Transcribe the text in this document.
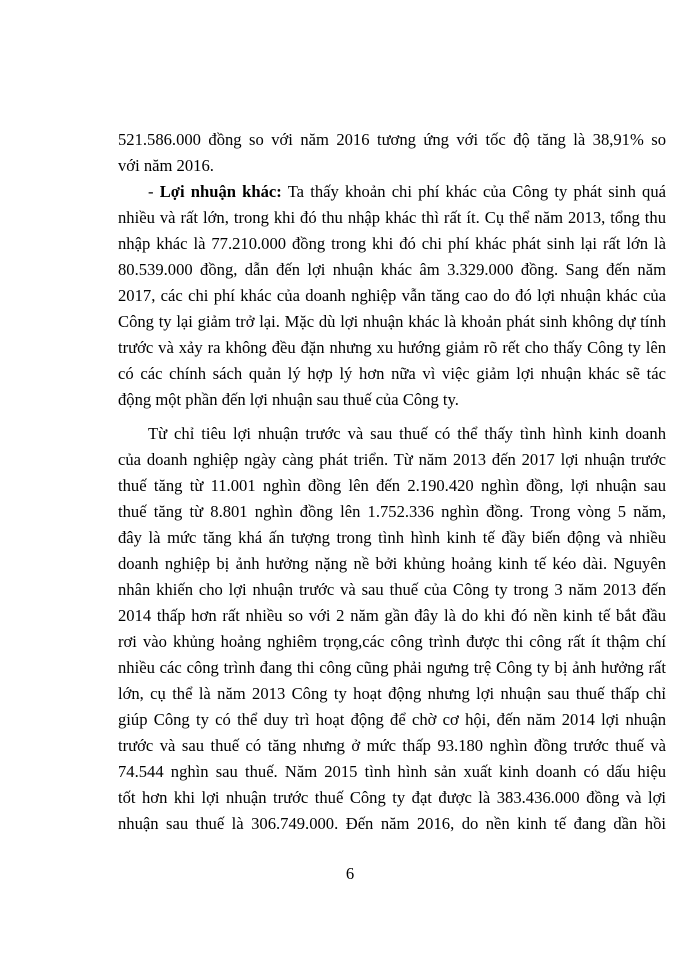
521.586.000 đồng so với năm 2016 tương ứng với tốc độ tăng là 38,91% so
với năm 2016.
- Lợi nhuận khác: Ta thấy khoản chi phí khác của Công ty phát sinh quá
nhiều và rất lớn, trong khi đó thu nhập khác thì rất ít. Cụ thể năm 2013, tổng thu
nhập khác là 77.210.000 đồng trong khi đó chi phí khác phát sinh lại rất lớn là
80.539.000 đồng, dẫn đến lợi nhuận khác âm 3.329.000 đồng. Sang đến năm
2017, các chi phí khác của doanh nghiệp vẫn tăng cao do đó lợi nhuận khác của
Công ty lại giảm trở lại. Mặc dù lợi nhuận khác là khoản phát sinh không dự tính
trước và xảy ra không đều đặn nhưng xu hướng giảm rõ rết cho thấy Công ty lên
có các chính sách quản lý hợp lý hơn nữa vì việc giảm lợi nhuận khác sẽ tác
động một phần đến lợi nhuận sau thuế của Công ty.
Từ chỉ tiêu lợi nhuận trước và sau thuế có thể thấy tình hình kinh doanh
của doanh nghiệp ngày càng phát triển. Từ năm 2013 đến 2017 lợi nhuận trước
thuế tăng từ 11.001 nghìn đồng lên đến 2.190.420 nghìn đồng, lợi nhuận sau
thuế tăng từ 8.801 nghìn đồng lên 1.752.336 nghìn đồng. Trong vòng 5 năm,
đây là mức tăng khá ấn tượng trong tình hình kinh tế đầy biến động và nhiều
doanh nghiệp bị ảnh hưởng nặng nề bởi khủng hoảng kinh tế kéo dài. Nguyên
nhân khiến cho lợi nhuận trước và sau thuế của Công ty trong 3 năm 2013 đến
2014 thấp hơn rất nhiều so với 2 năm gần đây là do khi đó nền kinh tế bắt đầu
rơi vào khủng hoảng nghiêm trọng,các công trình được thi công rất ít thậm chí
nhiều các công trình đang thi công cũng phải ngưng trệ Công ty bị ảnh hưởng rất
lớn, cụ thể là năm 2013 Công ty hoạt động nhưng lợi nhuận sau thuế thấp chỉ
giúp Công ty có thể duy trì hoạt động để chờ cơ hội, đến năm 2014 lợi nhuận
trước và sau thuế có tăng nhưng ở mức thấp 93.180 nghìn đồng trước thuế và
74.544 nghìn sau thuế. Năm 2015 tình hình sản xuất kinh doanh có dấu hiệu
tốt hơn khi lợi nhuận trước thuế Công ty đạt được là 383.436.000 đồng và lợi
nhuận sau thuế là 306.749.000. Đến năm 2016, do nền kinh tế đang dần hồi
6
